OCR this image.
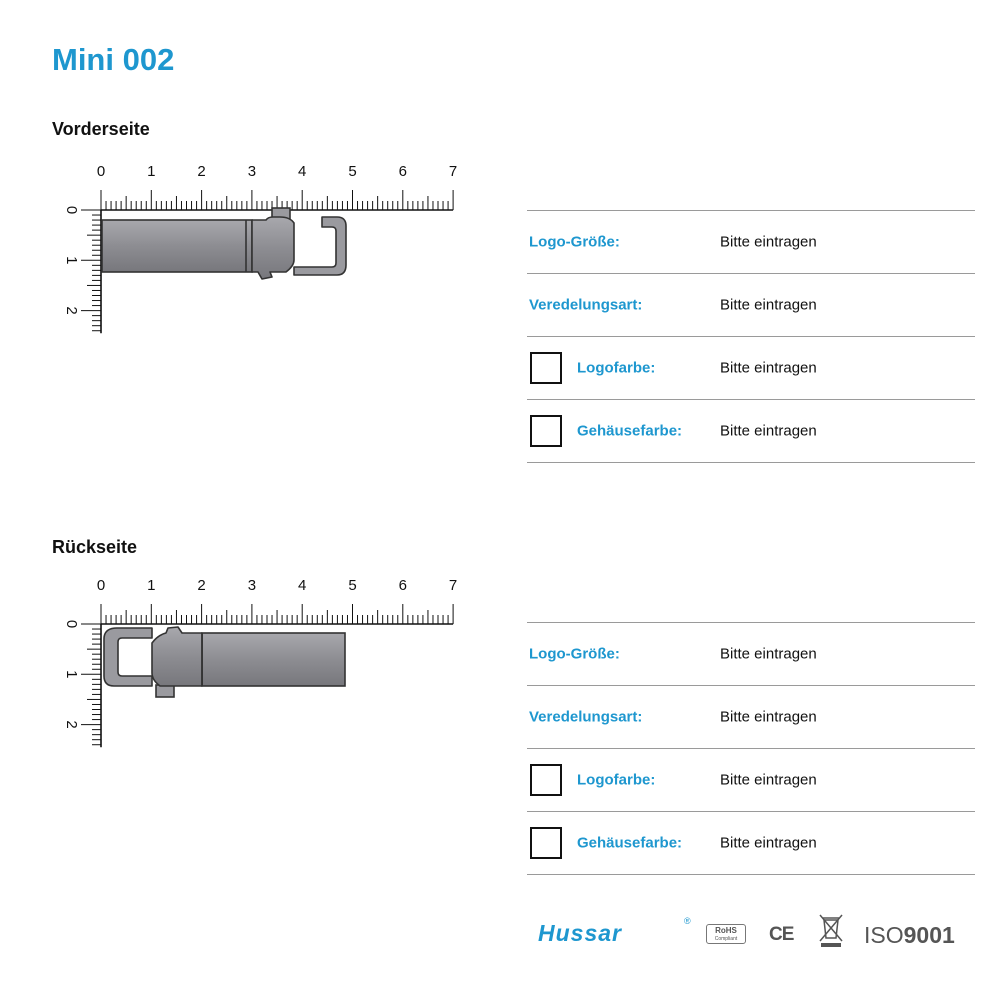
Mini 002
Vorderseite
0	1	2	3	4	5	6	7
0
1
2
Logo-Größe:	Bitte eintragen
Veredelungsart:	Bitte eintragen
Logofarbe:	Bitte eintragen
Gehäusefarbe:	Bitte eintragen
Rückseite
0	1	2	3	4	5	6	7
0
1
2
Logo-Größe:	Bitte eintragen
Veredelungsart:	Bitte eintragen
Logofarbe:	Bitte eintragen
Gehäusefarbe:	Bitte eintragen
Hussar	®
RoHS
Compliant	CE	ISO9001
